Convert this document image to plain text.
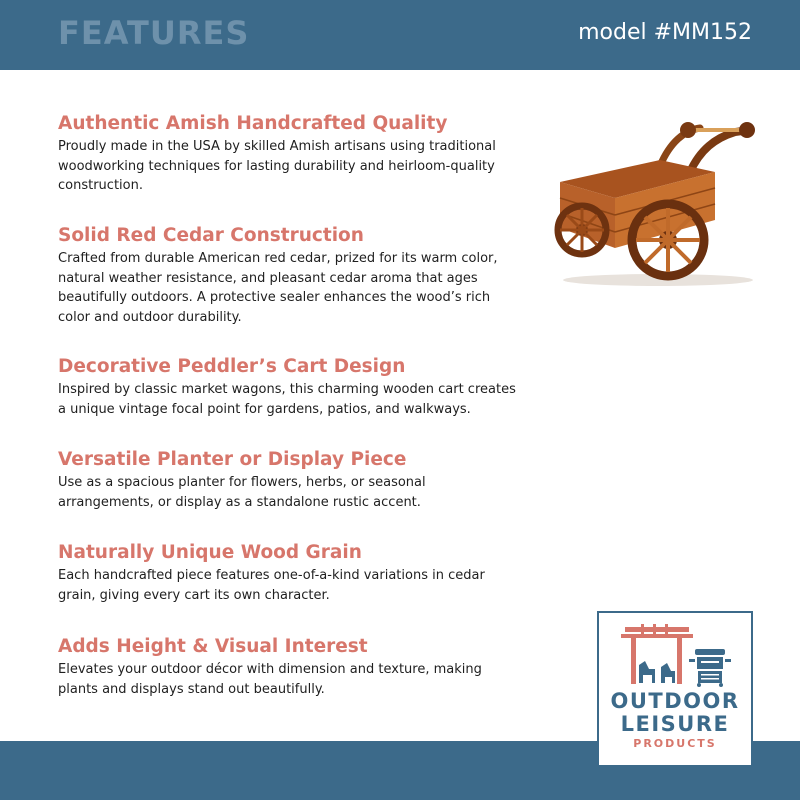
FEATURES	model #MM152
Authentic Amish Handcrafted Quality

Proudly made in the USA by skilled Amish artisans using traditional woodworking techniques for lasting durability and heirloom-quality construction.

Solid Red Cedar Construction

Crafted from durable American red cedar, prized for its warm color, natural weather resistance, and pleasant cedar aroma that ages beautifully outdoors. A protective sealer enhances the wood’s rich color and outdoor durability.

Decorative Peddler’s Cart Design

Inspired by classic market wagons, this charming wooden cart creates a unique vintage focal point for gardens, patios, and walkways.

Versatile Planter or Display Piece

Use as a spacious planter for flowers, herbs, or seasonal arrangements, or display as a standalone rustic accent.

Naturally Unique Wood Grain

Each handcrafted piece features one-of-a-kind variations in cedar grain, giving every cart its own character.

Adds Height & Visual Interest

Elevates your outdoor décor with dimension and texture, making plants and displays stand out beautifully.	OUTDOOR
LEISURE
PRODUCTS
